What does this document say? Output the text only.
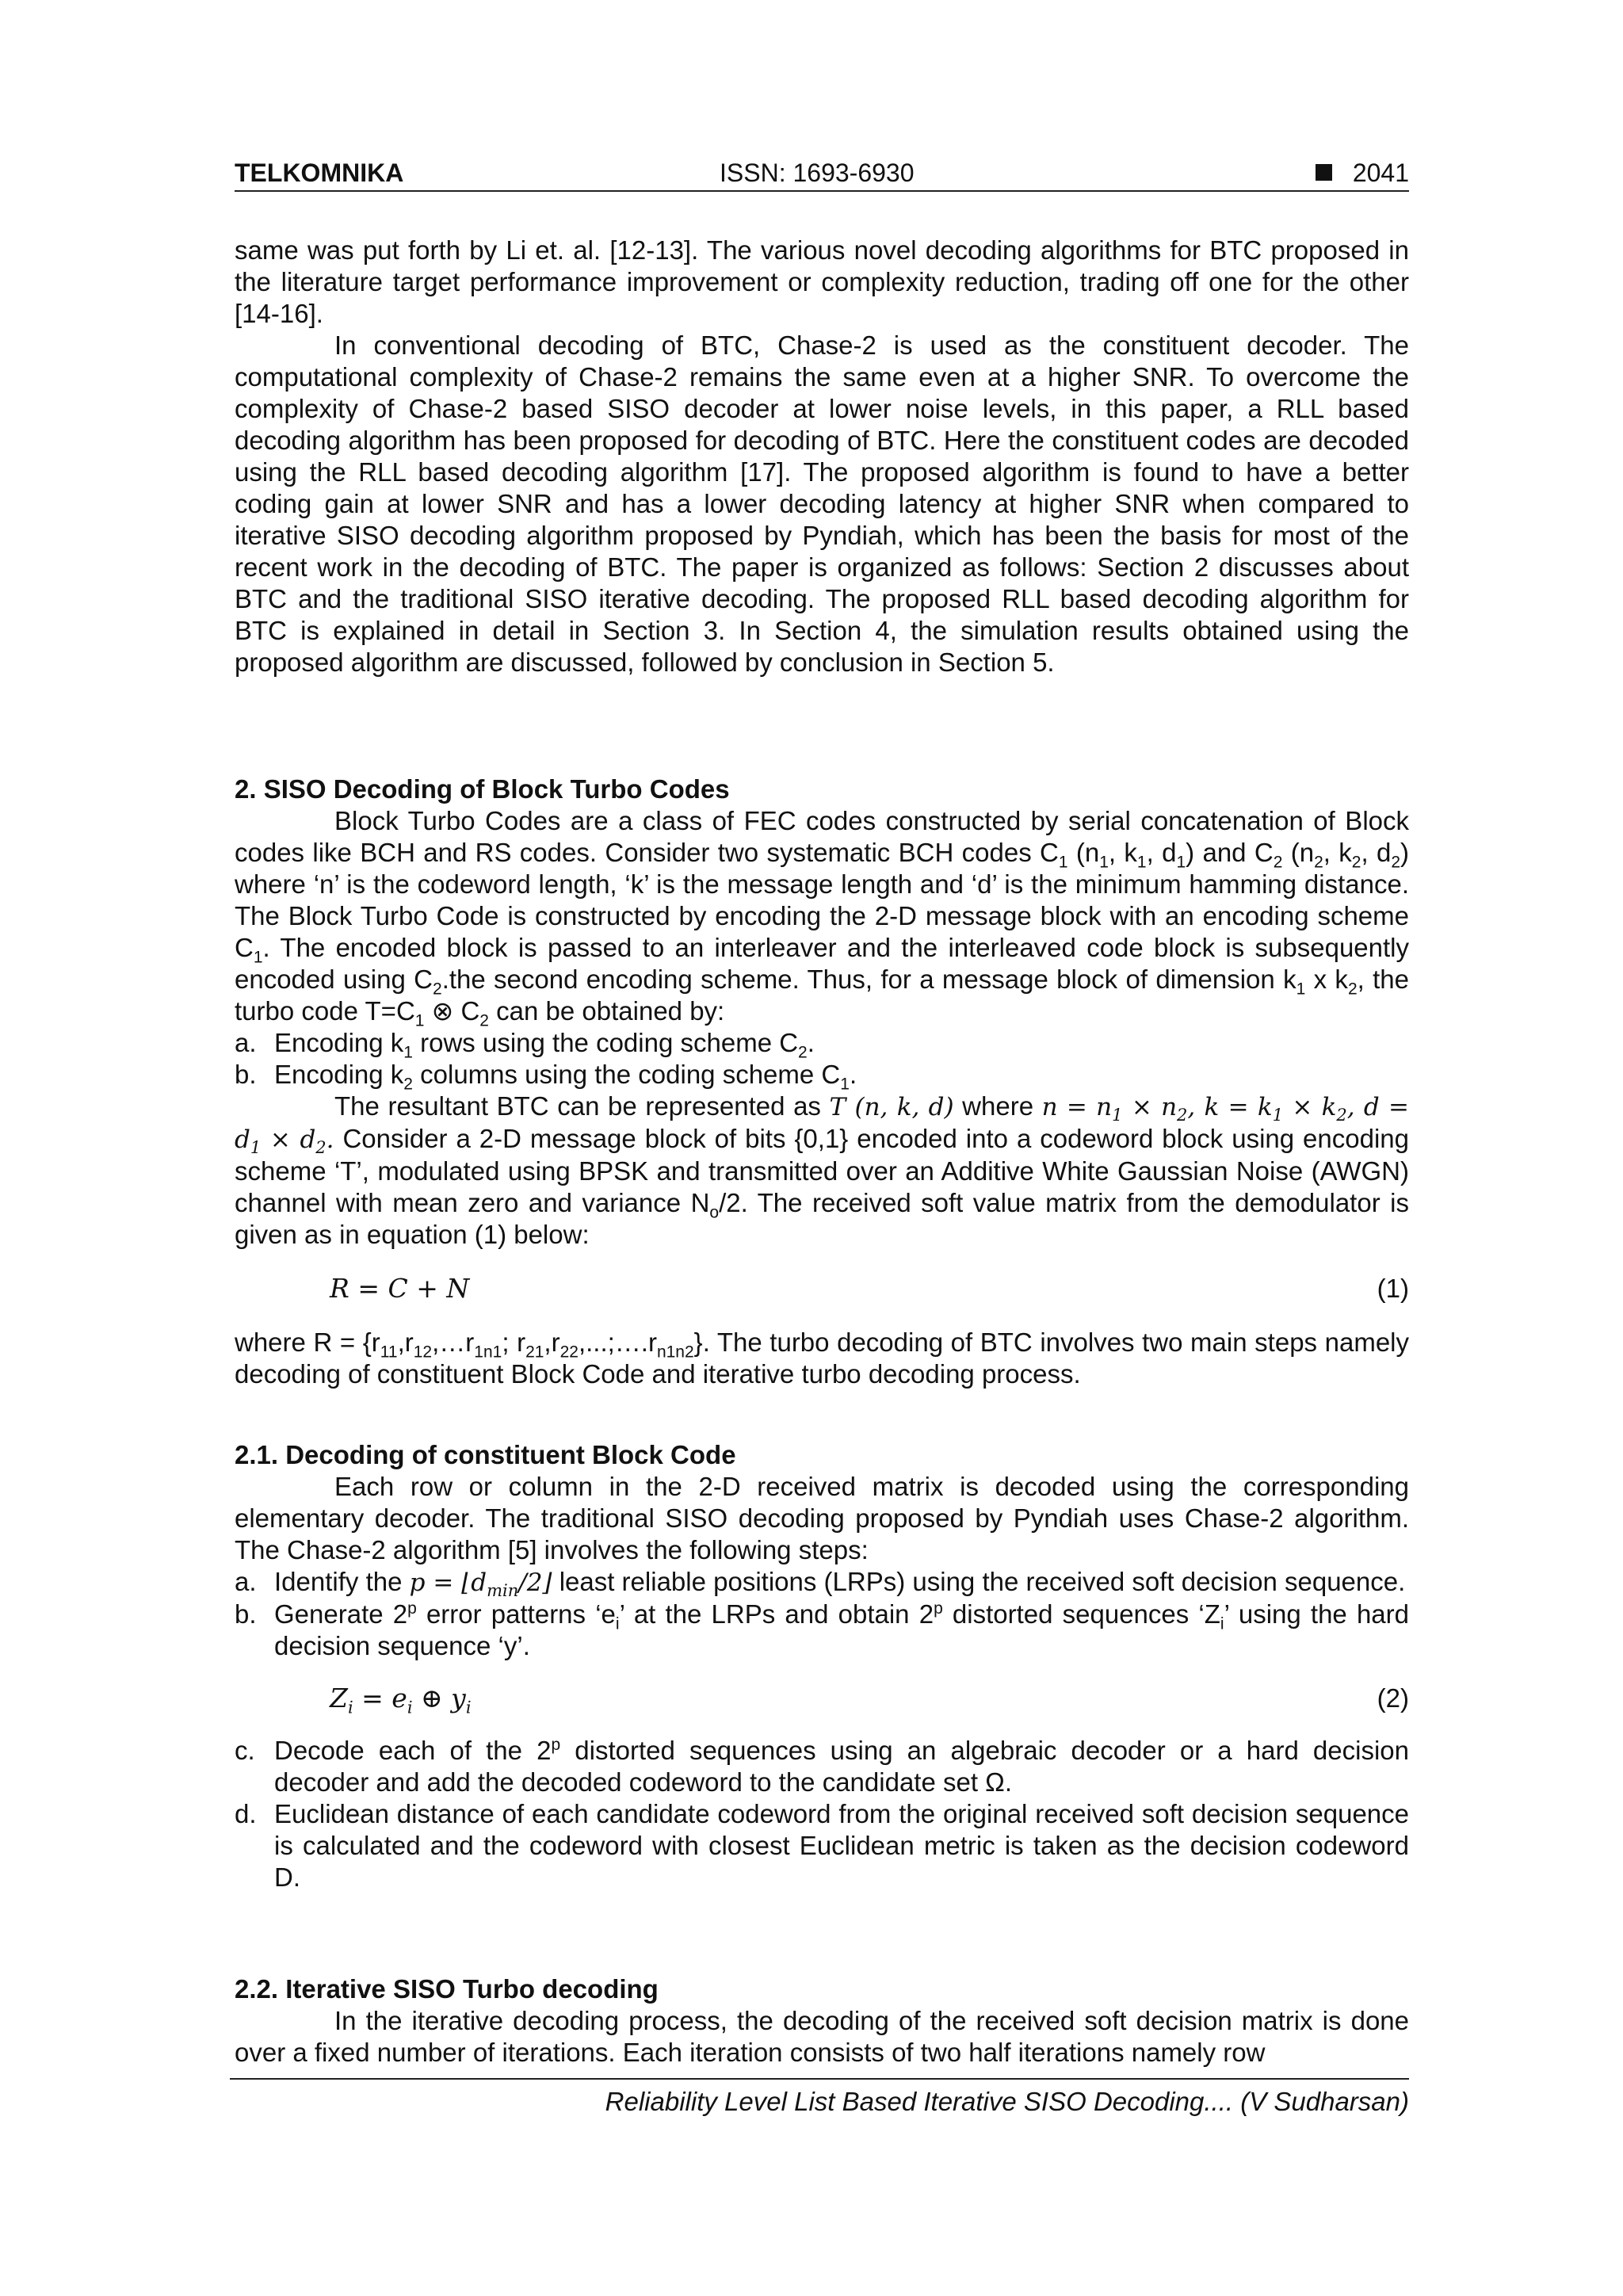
TELKOMNIKA	ISSN: 1693-6930	2041

same was put forth by Li et. al. [12-13]. The various novel decoding algorithms for BTC proposed in the literature target performance improvement or complexity reduction, trading off one for the other [14-16].

In conventional decoding of BTC, Chase-2 is used as the constituent decoder. The computational complexity of Chase-2 remains the same even at a higher SNR. To overcome the complexity of Chase-2 based SISO decoder at lower noise levels, in this paper, a RLL based decoding algorithm has been proposed for decoding of BTC. Here the constituent codes are decoded using the RLL based decoding algorithm [17]. The proposed algorithm is found to have a better coding gain at lower SNR and has a lower decoding latency at higher SNR when compared to iterative SISO decoding algorithm proposed by Pyndiah, which has been the basis for most of the recent work in the decoding of BTC. The paper is organized as follows: Section 2 discusses about BTC and the traditional SISO iterative decoding. The proposed RLL based decoding algorithm for BTC is explained in detail in Section 3. In Section 4, the simulation results obtained using the proposed algorithm are discussed, followed by conclusion in Section 5.

2. SISO Decoding of Block Turbo Codes

Block Turbo Codes are a class of FEC codes constructed by serial concatenation of Block codes like BCH and RS codes. Consider two systematic BCH codes $C_1$ ($n_1$, $k_1$, $d_1$) and $C_2$ ($n_2$, $k_2$, $d_2$) where ‘n’ is the codeword length, ‘k’ is the message length and ‘d’ is the minimum hamming distance. The Block Turbo Code is constructed by encoding the 2-D message block with an encoding scheme $C_1$. The encoded block is passed to an interleaver and the interleaved code block is subsequently encoded using $C_2.the$ second encoding scheme. Thus, for a message block of dimension $k_1$ x $k_2$, the turbo code $T=C_1$ ⊗ $C_2$ can be obtained by:

a. Encoding $k_1$ rows using the coding scheme $C_2$.
b. Encoding $k_2$ columns using the coding scheme $C_1$.

The resultant BTC can be represented as T (n, k, d) where $n = n_1 \times n_2$, $k = k_1 \times k_2$, $d = d_1 \times d_2$. Consider a 2-D message block of bits {0,1} encoded into a codeword block using encoding scheme ‘T’, modulated using BPSK and transmitted over an Additive White Gaussian Noise (AWGN) channel with mean zero and variance $N_o/2$. The received soft value matrix from the demodulator is given as in equation (1) below:

R = C + N	(1)

where $R = \{r_{11},r_{12},\dots r_{1n1}$; $r_{21},r_{22},...;\dots.r_{n1n2}$}. The turbo decoding of BTC involves two main steps namely decoding of constituent Block Code and iterative turbo decoding process.

2.1. Decoding of constituent Block Code

Each row or column in the 2-D received matrix is decoded using the corresponding elementary decoder. The traditional SISO decoding proposed by Pyndiah uses Chase-2 algorithm. The Chase-2 algorithm [5] involves the following steps:

a. Identify the $p = ⌊d_{min}/2⌋$ least reliable positions (LRPs) using the received soft decision sequence.
b. Generate 2$^p$ error patterns ‘$e_i$’ at the LRPs and obtain 2$^p$ distorted sequences ‘$Z_i$’ using the hard decision sequence ‘y’.
$Z_i = e_i$ ⊕ $y_i$	(2)
c. Decode each of the 2$^p$ distorted sequences using an algebraic decoder or a hard decision decoder and add the decoded codeword to the candidate set Ω.
d. Euclidean distance of each candidate codeword from the original received soft decision sequence is calculated and the codeword with closest Euclidean metric is taken as the decision codeword D.
2.2. Iterative SISO Turbo decoding

In the iterative decoding process, the decoding of the received soft decision matrix is done over a fixed number of iterations. Each iteration consists of two half iterations namely row

Reliability Level List Based Iterative SISO Decoding.... (V Sudharsan)
